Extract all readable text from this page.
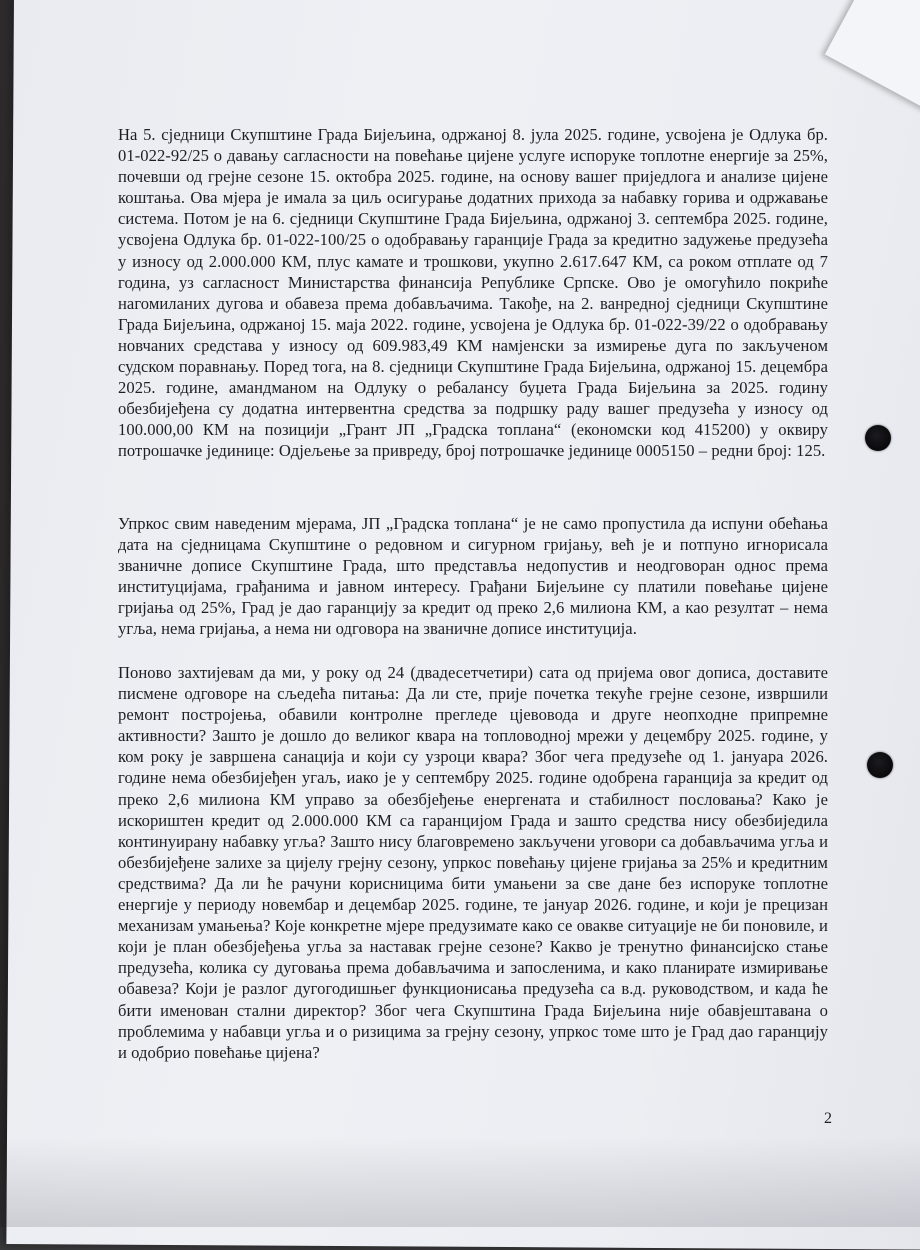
На 5. сједници Скупштине Града Бијељина, одржаној 8. јула 2025. године, усвојена је Одлука бр. 01-022-92/25 о давању сагласности на повећање цијене услуге испоруке топлотне енергије за 25%, почевши од грејне сезоне 15. октобра 2025. године, на основу вашег приједлога и анализе цијене коштања. Ова мјера је имала за циљ осигурање додатних прихода за набавку горива и одржавање система. Потом је на 6. сједници Скупштине Града Бијељина, одржаној 3. септембра 2025. године, усвојена Одлука бр. 01-022-100/25 о одобравању гаранције Града за кредитно задужење предузећа у износу од 2.000.000 КМ, плус камате и трошкови, укупно 2.617.647 КМ, са роком отплате од 7 година, уз сагласност Министарства финансија Републике Српске. Ово је омогућило покриће нагомиланих дугова и обавеза према добављачима. Такође, на 2. ванредној сједници Скупштине Града Бијељина, одржаној 15. маја 2022. године, усвојена је Одлука бр. 01-022-39/22 о одобравању новчаних средстава у износу од 609.983,49 КМ намјенски за измирење дуга по закљученом судском поравнању. Поред тога, на 8. сједници Скупштине Града Бијељина, одржаној 15. децембра 2025. године, амандманом на Одлуку о ребалансу буџета Града Бијељина за 2025. годину обезбијеђена су додатна интервентна средства за подршку раду вашег предузећа у износу од 100.000,00 КМ на позицији „Грант ЈП „Градска топлана“ (економски код 415200) у оквиру потрошачке јединице: Одјељење за привреду, број потрошачке јединице 0005150 – редни број: 125.
Упркос свим наведеним мјерама, ЈП „Градска топлана“ је не само пропустила да испуни обећања дата на сједницама Скупштине о редовном и сигурном гријању, већ је и потпуно игнорисала званичне дописе Скупштине Града, што представља недопустив и неодговоран однос према институцијама, грађанима и јавном интересу. Грађани Бијељине су платили повећање цијене гријања од 25%, Град је дао гаранцију за кредит од преко 2,6 милиона КМ, а као резултат – нема угља, нема гријања, а нема ни одговора на званичне дописе институција.
Поново захтијевам да ми, у року од 24 (двадесетчетири) сата од пријема овог дописа, доставите писмене одговоре на сљедећа питања: Да ли сте, прије почетка текуће грејне сезоне, извршили ремонт постројења, обавили контролне прегледе цјевовода и друге неопходне припремне активности? Зашто је дошло до великог квара на топловодној мрежи у децембру 2025. године, у ком року је завршена санација и који су узроци квара? Због чега предузеће од 1. јануара 2026. године нема обезбијеђен угаљ, иако је у септембру 2025. године одобрена гаранција за кредит од преко 2,6 милиона КМ управо за обезбјеђење енергената и стабилност пословања? Како је искориштен кредит од 2.000.000 КМ са гаранцијом Града и зашто средства нису обезбиједила континуирану набавку угља? Зашто нису благовремено закључени уговори са добављачима угља и обезбијеђене залихе за цијелу грејну сезону, упркос повећању цијене гријања за 25% и кредитним средствима? Да ли ће рачуни корисницима бити умањени за све дане без испоруке топлотне енергије у периоду новембар и децембар 2025. године, те јануар 2026. године, и који је прецизан механизам умањења? Које конкретне мјере предузимате како се овакве ситуације не би поновиле, и који је план обезбјеђења угља за наставак грејне сезоне? Какво је тренутно финансијско стање предузећа, колика су дуговања према добављачима и запосленима, и како планирате измиривање обавеза? Који је разлог дугогодишњег функционисања предузећа са в.д. руководством, и када ће бити именован стални директор? Због чега Скупштина Града Бијељина није обавјештавана о проблемима у набавци угља и о ризицима за грејну сезону, упркос томе што је Град дао гаранцију и одобрио повећање цијена?
2
